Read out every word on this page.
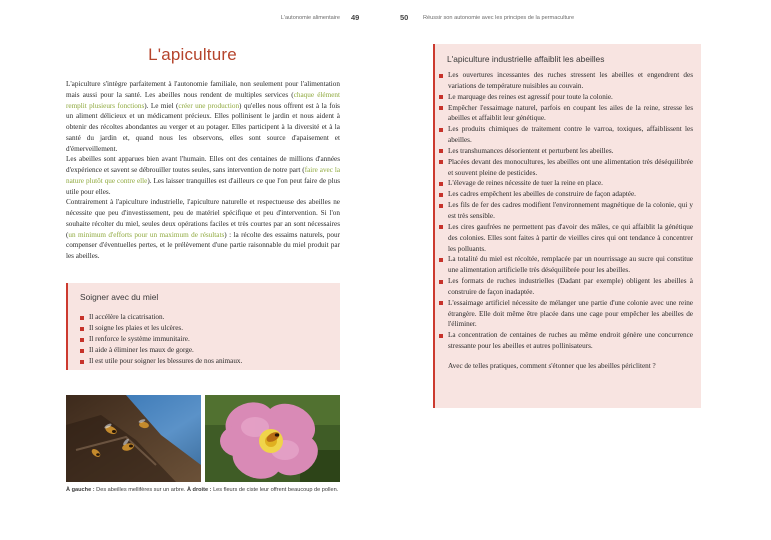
L'autonomie alimentaire 49
L'apiculture

L'apiculture s'intègre parfaitement à l'autonomie familiale, non seulement pour l'alimentation mais aussi pour la santé. Les abeilles nous rendent de multiples services (chaque élément remplit plusieurs fonctions). Le miel (créer une production) qu'elles nous offrent est à la fois un aliment délicieux et un médicament précieux. Elles pollinisent le jardin et nous aident à obtenir des récoltes abondantes au verger et au potager. Elles participent à la diversité et à la santé du jardin et, quand nous les observons, elles sont source d'apaisement et d'émerveillement.
Les abeilles sont apparues bien avant l'humain. Elles ont des centaines de millions d'années d'expérience et savent se débrouiller toutes seules, sans intervention de notre part (faire avec la nature plutôt que contre elle). Les laisser tranquilles est d'ailleurs ce que l'on peut faire de plus utile pour elles.
Contrairement à l'apiculture industrielle, l'apiculture naturelle et respectueuse des abeilles ne nécessite que peu d'investissement, peu de matériel spécifique et peu d'intervention. Si l'on souhaite récolter du miel, seules deux opérations faciles et très courtes par an sont nécessaires (un minimum d'efforts pour un maximum de résultats) : la récolte des essaims naturels, pour compenser d'éventuelles pertes, et le prélèvement d'une partie raisonnable du miel produit par les abeilles.

Soigner avec du miel
Il accélère la cicatrisation.
Il soigne les plaies et les ulcères.
Il renforce le système immunitaire.
Il aide à éliminer les maux de gorge.
Il est utile pour soigner les blessures de nos animaux.

À gauche : Des abeilles mellifères sur un arbre. À droite : Les fleurs de ciste leur offrent beaucoup de pollen.

50	Réussir son autonomie avec les principes de la permaculture
L'apiculture industrielle affaiblit les abeilles
Les ouvertures incessantes des ruches stressent les abeilles et engendrent des variations de température nuisibles au couvain.
Le marquage des reines est agressif pour toute la colonie.
Empêcher l'essaimage naturel, parfois en coupant les ailes de la reine, stresse les abeilles et affaiblit leur génétique.
Les produits chimiques de traitement contre le varroa, toxiques, affaiblissent les abeilles.
Les transhumances désorientent et perturbent les abeilles.
Placées devant des monocultures, les abeilles ont une alimentation très déséquilibrée et souvent pleine de pesticides.
L'élevage de reines nécessite de tuer la reine en place.
Les cadres empêchent les abeilles de construire de façon adaptée.
Les fils de fer des cadres modifient l'environnement magnétique de la colonie, qui y est très sensible.
Les cires gaufrées ne permettent pas d'avoir des mâles, ce qui affaiblit la génétique des colonies. Elles sont faites à partir de vieilles cires qui ont tendance à concentrer les polluants.
La totalité du miel est récoltée, remplacée par un nourrissage au sucre qui constitue une alimentation artificielle très déséquilibrée pour les abeilles.
Les formats de ruches industrielles (Dadant par exemple) obligent les abeilles à construire de façon inadaptée.
L'essaimage artificiel nécessite de mélanger une partie d'une colonie avec une reine étrangère. Elle doit même être placée dans une cage pour empêcher les abeilles de l'éliminer.
La concentration de centaines de ruches au même endroit génère une concurrence stressante pour les abeilles et autres pollinisateurs.

Avec de telles pratiques, comment s'étonner que les abeilles périclitent ?
